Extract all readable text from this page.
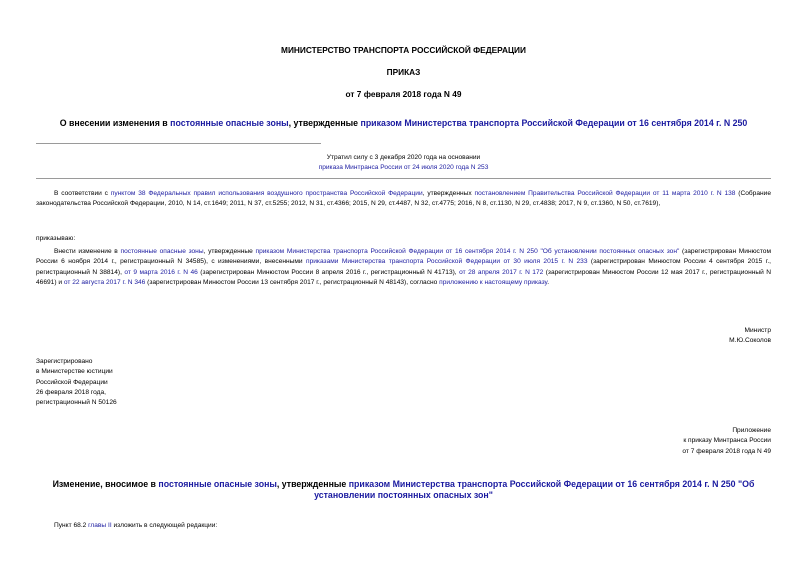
МИНИСТЕРСТВО ТРАНСПОРТА РОССИЙСКОЙ ФЕДЕРАЦИИ
ПРИКАЗ
от 7 февраля 2018 года N 49
О внесении изменения в постоянные опасные зоны, утвержденные приказом Министерства транспорта Российской Федерации от 16 сентября 2014 г. N 250
Утратил силу с 3 декабря 2020 года на основании
приказа Минтранса России от 24 июля 2020 года N 253
В соответствии с пунктом 38 Федеральных правил использования воздушного пространства Российской Федерации, утвержденных постановлением Правительства Российской Федерации от 11 марта 2010 г. N 138 (Собрание законодательства Российской Федерации, 2010, N 14, ст.1649; 2011, N 37, ст.5255; 2012, N 31, ст.4366; 2015, N 29, ст.4487, N 32, ст.4775; 2016, N 8, ст.1130, N 29, ст.4838; 2017, N 9, ст.1360, N 50, ст.7619),
приказываю:
Внести изменение в постоянные опасные зоны, утвержденные приказом Министерства транспорта Российской Федерации от 16 сентября 2014 г. N 250 "Об установлении постоянных опасных зон" (зарегистрирован Минюстом России 6 ноября 2014 г., регистрационный N 34585), с изменениями, внесенными приказами Министерства транспорта Российской Федерации от 30 июля 2015 г. N 233 (зарегистрирован Минюстом России 4 сентября 2015 г., регистрационный N 38814), от 9 марта 2016 г. N 46 (зарегистрирован Минюстом России 8 апреля 2016 г., регистрационный N 41713), от 28 апреля 2017 г. N 172 (зарегистрирован Минюстом России 12 мая 2017 г., регистрационный N 46691) и от 22 августа 2017 г. N 346 (зарегистрирован Минюстом России 13 сентября 2017 г., регистрационный N 48143), согласно приложению к настоящему приказу.
Министр
М.Ю.Соколов
Зарегистрировано
в Министерстве юстиции
Российской Федерации
26 февраля 2018 года,
регистрационный N 50126
Приложение
к приказу Минтранса России
от 7 февраля 2018 года N 49
Изменение, вносимое в постоянные опасные зоны, утвержденные приказом Министерства транспорта Российской Федерации от 16 сентября 2014 г. N 250 "Об установлении постоянных опасных зон"
Пункт 68.2 главы II изложить в следующей редакции:
